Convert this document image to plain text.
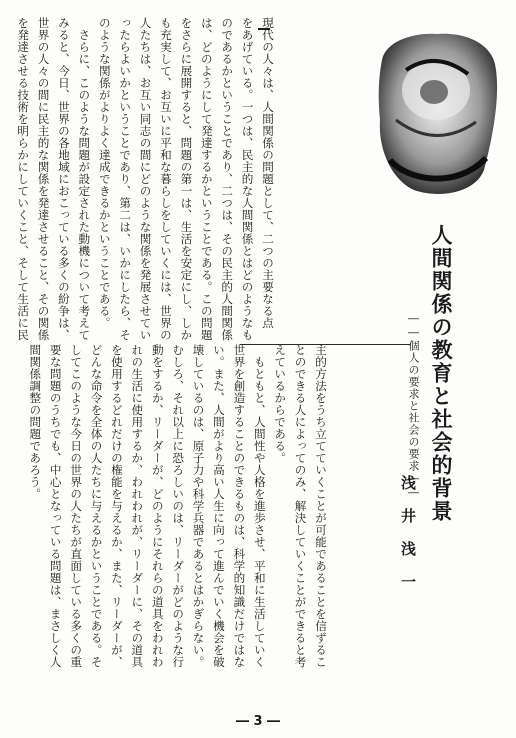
現代の人々は、人間関係の問題として、二つの主要なる点
をあげている。一つは、民主的な人間関係とはどのようなも
のであるかということであり、二つは、その民主的人間関係
は、どのようにして発達するかということである。この問題
をさらに展開すると、問題の第一は、生活を安定にし、しか
も充実して、お互いに平和な暮らしをしていくには、世界の
人たちは、お互い同志の間にどのような関係を発展させてい
ったらよいかということであり、第二は、いかにしたら、そ
のような関係がよりよく達成できるかということである。
　さらに、このような問題が設定された動機について考えて
みると、今日、世界の各地域におこっている多くの紛争は、
世界の人々の間に民主的な関係を発達させること、その関係
を発達させる技術を明らかにしていくこと、そして生活に民
人間関係の教育と社会的背景
――個人の要求と社会の要求――
浅井浅一
主的方法をうち立てていくことが可能であることを信ずるこ
とのできる人によってのみ、解決していくことができると考
えているからである。
　もともと、人間性や人格を進歩させ、平和に生活していく
世界を創造することのできるものは、科学的知識だけではな
い。また、人間がより高い人生に向って進んでいく機会を破
壊しているのは、原子力や科学兵器であるとはかぎらない。
むしろ、それ以上に恐ろしいのは、リーダーがどのような行
動をするか、リーダーが、どのようにそれらの道具をわれわ
れの生活に使用するか、われわれが、リーダーに、その道具
を使用するどれだけの権能を与えるか、また、リーダーが、
どんな命令を全体の人たちに与えるかということである。そ
してこのような今日の世界の人たちが直面している多くの重
要な問題のうちでも、中心となっている問題は、まさしく人
間関係調整の問題であろう。
― 3 ―
